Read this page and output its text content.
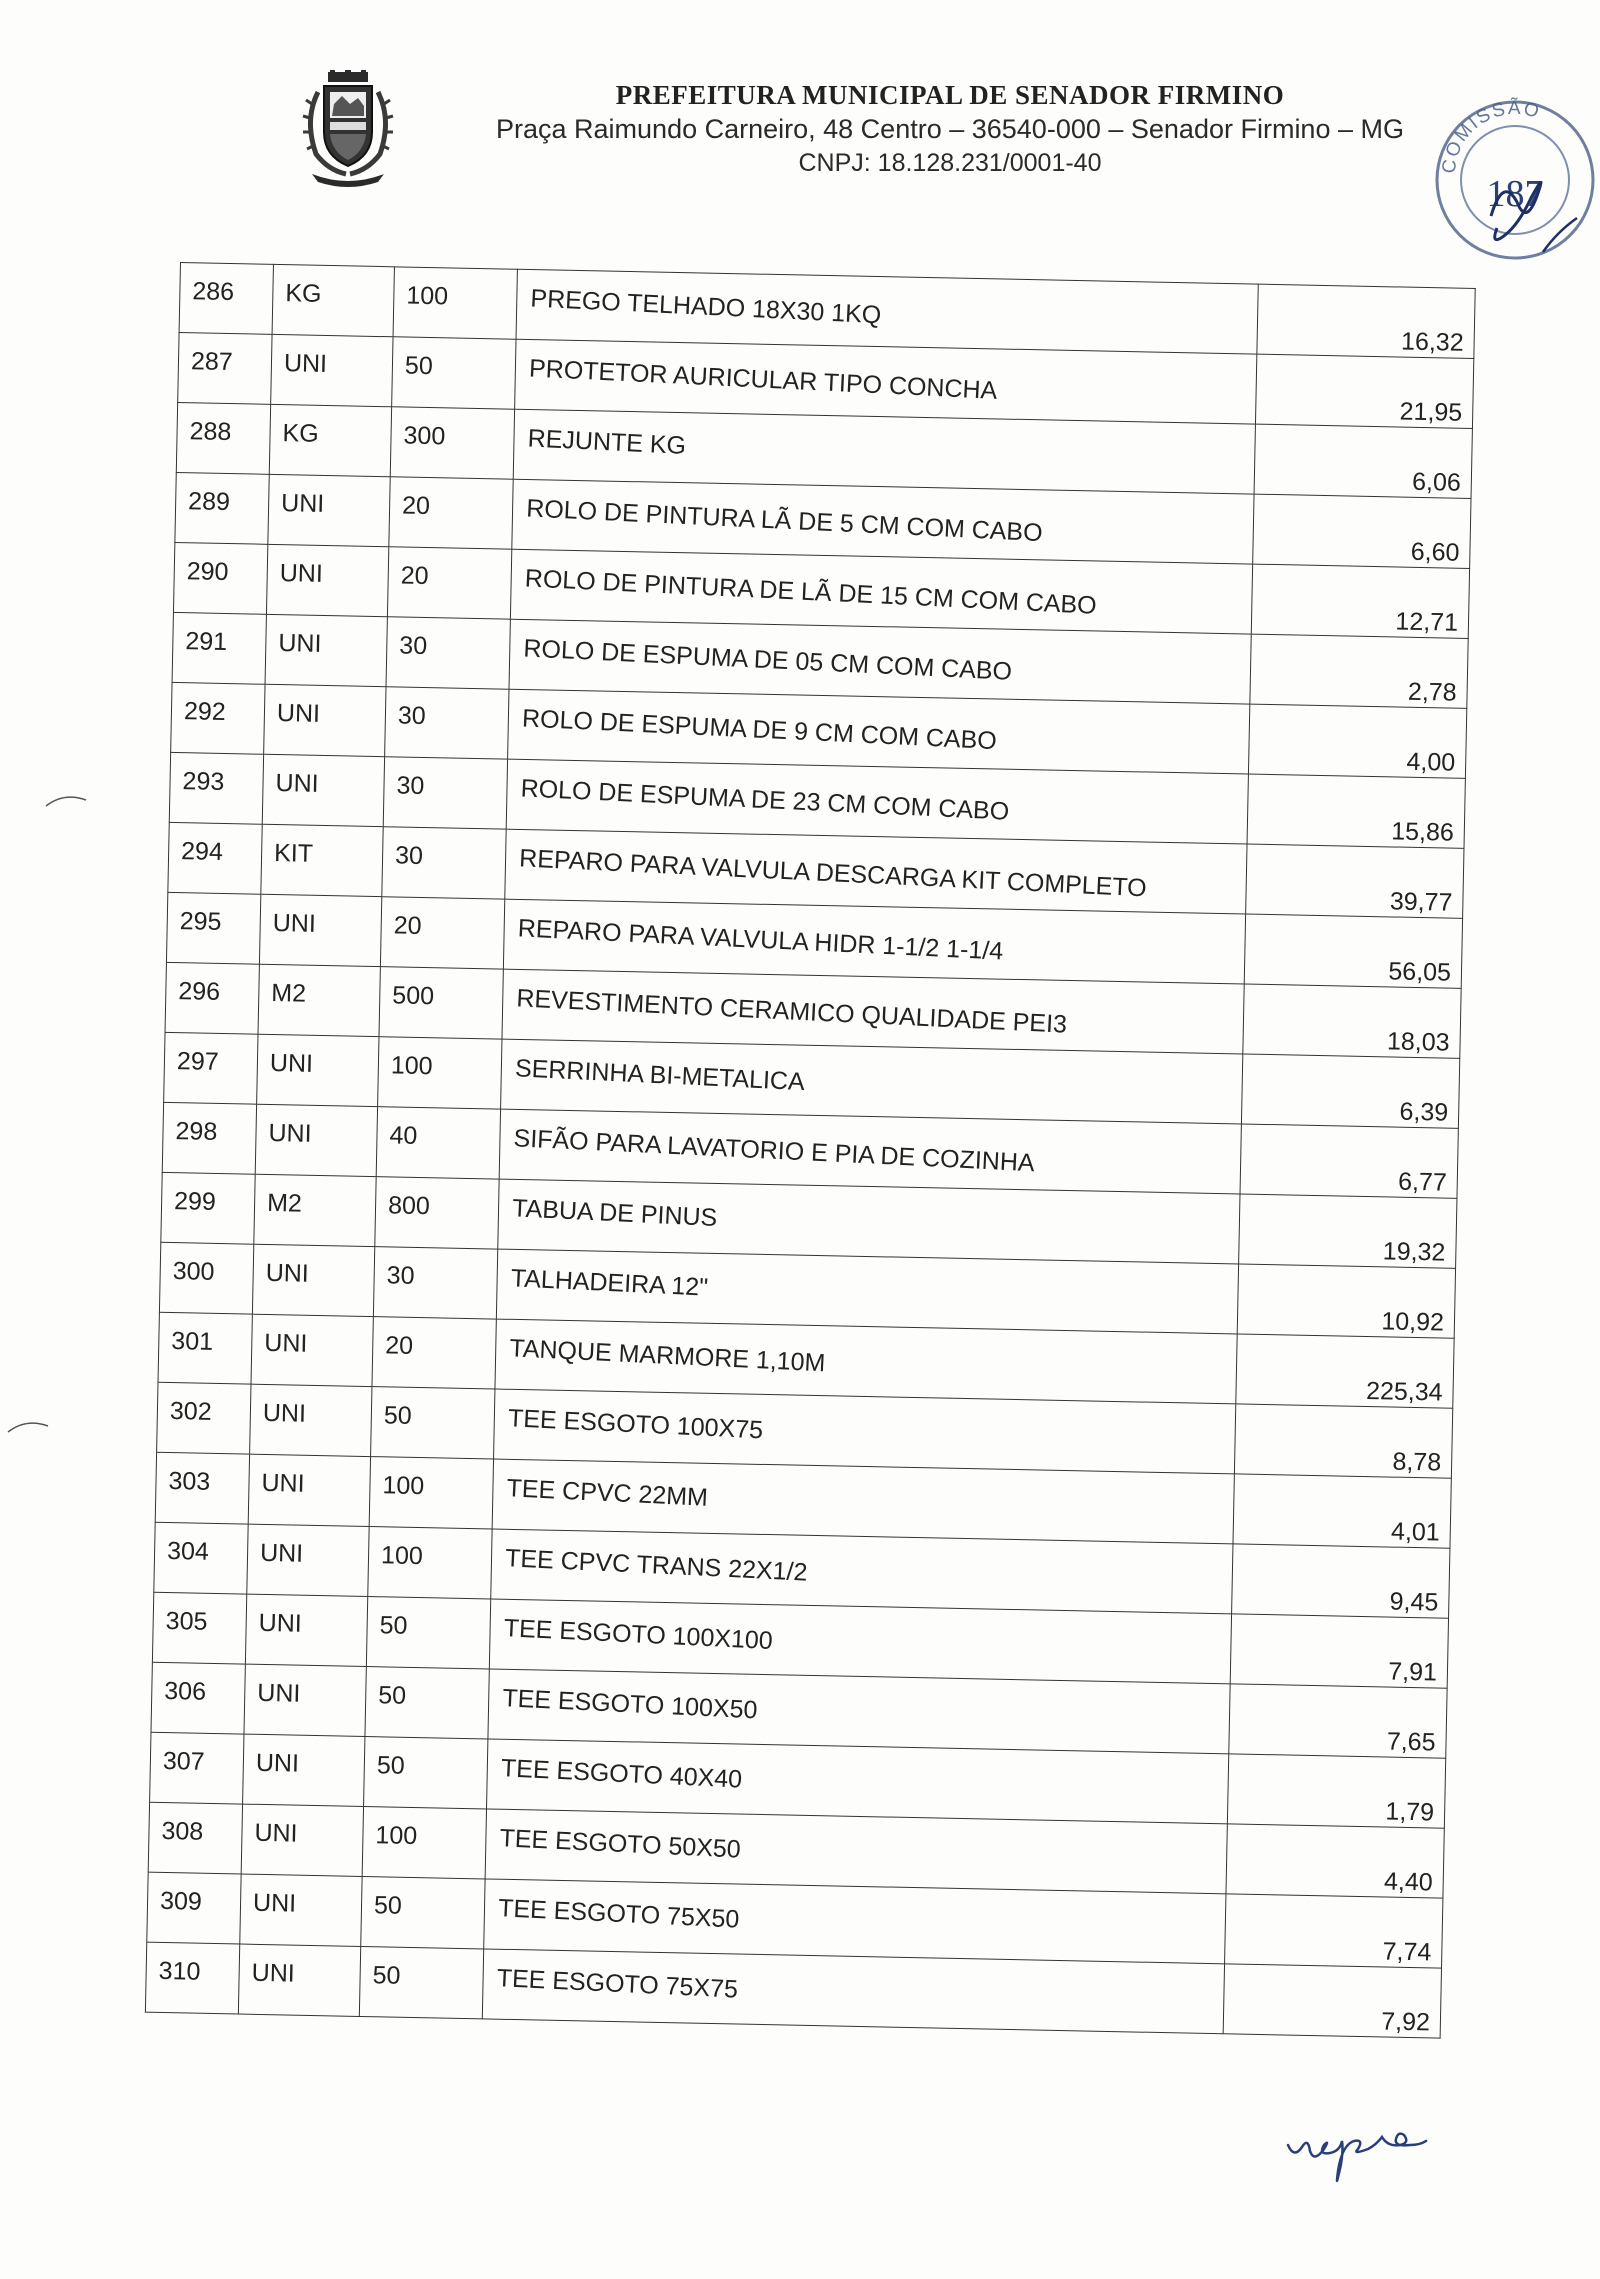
PREFEITURA MUNICIPAL DE SENADOR FIRMINO

Praça Raimundo Carneiro, 48 Centro – 36540-000 – Senador Firmino – MG

CNPJ: 18.128.231/0001-40	COMISSÃO
187
286	KG	100	PREGO TELHADO 18X30 1KQ	16,32

287	UNI	50	PROTETOR AURICULAR TIPO CONCHA	21,95

288	KG	300	REJUNTE KG	6,06

289	UNI	20	ROLO DE PINTURA LÃ DE 5 CM COM CABO	6,60

290	UNI	20	ROLO DE PINTURA DE LÃ DE 15 CM COM CABO	12,71

291	UNI	30	ROLO DE ESPUMA DE 05 CM COM CABO	2,78

292	UNI	30	ROLO DE ESPUMA DE 9 CM COM CABO	4,00

293	UNI	30	ROLO DE ESPUMA DE 23 CM COM CABO	15,86

294	KIT	30	REPARO PARA VALVULA DESCARGA KIT COMPLETO	39,77

295	UNI	20	REPARO PARA VALVULA HIDR 1-1/2 1-1/4	56,05

296	M2	500	REVESTIMENTO CERAMICO QUALIDADE PEI3	18,03

297	UNI	100	SERRINHA BI-METALICA	6,39

298	UNI	40	SIFÃO PARA LAVATORIO E PIA DE COZINHA	6,77

299	M2	800	TABUA DE PINUS	19,32

300	UNI	30	TALHADEIRA 12"	10,92

301	UNI	20	TANQUE MARMORE 1,10M	225,34

302	UNI	50	TEE ESGOTO 100X75	8,78

303	UNI	100	TEE CPVC 22MM	4,01

304	UNI	100	TEE CPVC TRANS 22X1/2	9,45

305	UNI	50	TEE ESGOTO 100X100	7,91

306	UNI	50	TEE ESGOTO 100X50	7,65

307	UNI	50	TEE ESGOTO 40X40	1,79

308	UNI	100	TEE ESGOTO 50X50	4,40

309	UNI	50	TEE ESGOTO 75X50	7,74

310	UNI	50	TEE ESGOTO 75X75	7,92
